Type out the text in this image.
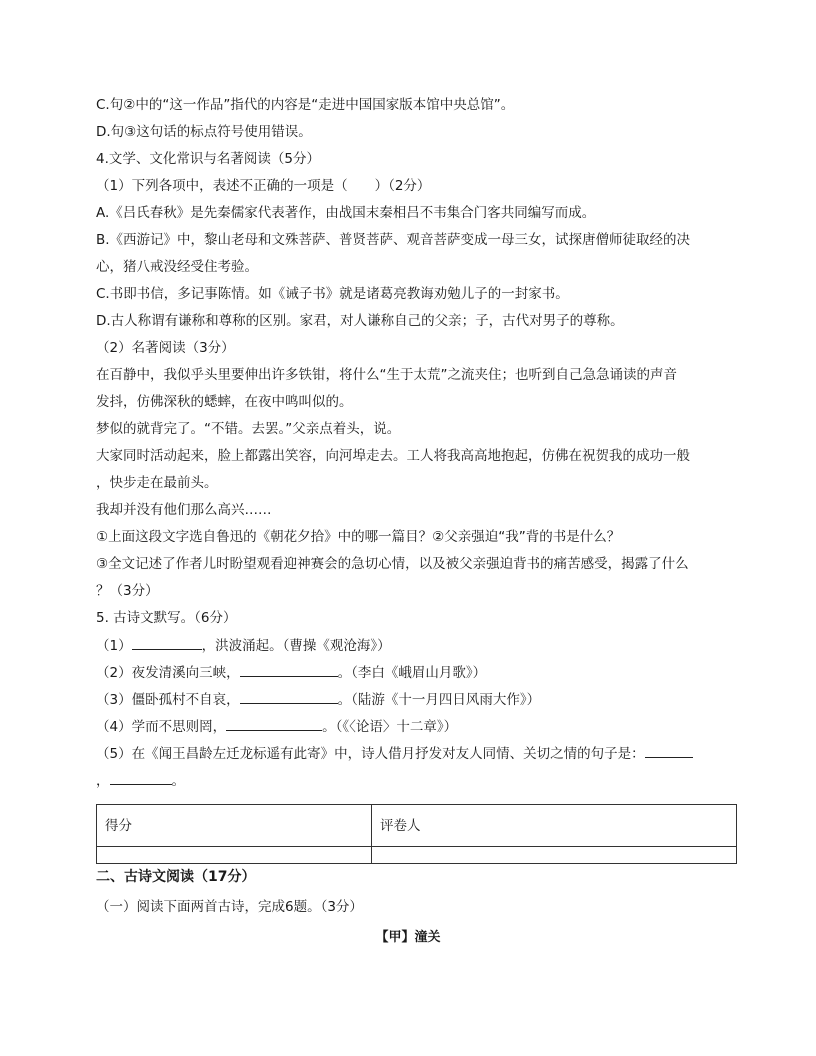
C.句②中的“这一作品”指代的内容是“走进中国国家版本馆中央总馆”。
D.句③这句话的标点符号使用错误。
4.文学、文化常识与名著阅读（5分）
（1）下列各项中，表述不正确的一项是（　　）（2分）
A.《吕氏春秋》是先秦儒家代表著作，由战国末秦相吕不韦集合门客共同编写而成。
B.《西游记》中，黎山老母和文殊菩萨、普贤菩萨、观音菩萨变成一母三女，试探唐僧师徒取经的决
心，猪八戒没经受住考验。
C.书即书信，多记事陈情。如《诫子书》就是诸葛亮教诲劝勉儿子的一封家书。
D.古人称谓有谦称和尊称的区别。家君，对人谦称自己的父亲；子，古代对男子的尊称。
（2）名著阅读（3分）
在百静中，我似乎头里要伸出许多铁钳，将什么“生于太荒”之流夹住；也听到自己急急诵读的声音
发抖，仿佛深秋的蟋蟀，在夜中鸣叫似的。
梦似的就背完了。“不错。去罢。”父亲点着头，说。
大家同时活动起来，脸上都露出笑容，向河埠走去。工人将我高高地抱起，仿佛在祝贺我的成功一般
，快步走在最前头。
我却并没有他们那么高兴……
①上面这段文字选自鲁迅的《朝花夕拾》中的哪一篇目？②父亲强迫“我”背的书是什么？
③全文记述了作者儿时盼望观看迎神赛会的急切心情，以及被父亲强迫背书的痛苦感受，揭露了什么
？（3分）
5. 古诗文默写。（6分）
（1）	，洪波涌起。（曹操《观沧海》）
（2）夜发清溪向三峡，	。（李白《峨眉山月歌》）
（3）僵卧孤村不自哀，	。（陆游《十一月四日风雨大作》）
（4）学而不思则罔，	。（《〈论语〉十二章》）
（5）在《闻王昌龄左迁龙标遥有此寄》中，诗人借月抒发对友人同情、关切之情的句子是：
，	。
得分	评卷人

二、古诗文阅读（17分）
（一）阅读下面两首古诗，完成6题。（3分）
【甲】潼关
